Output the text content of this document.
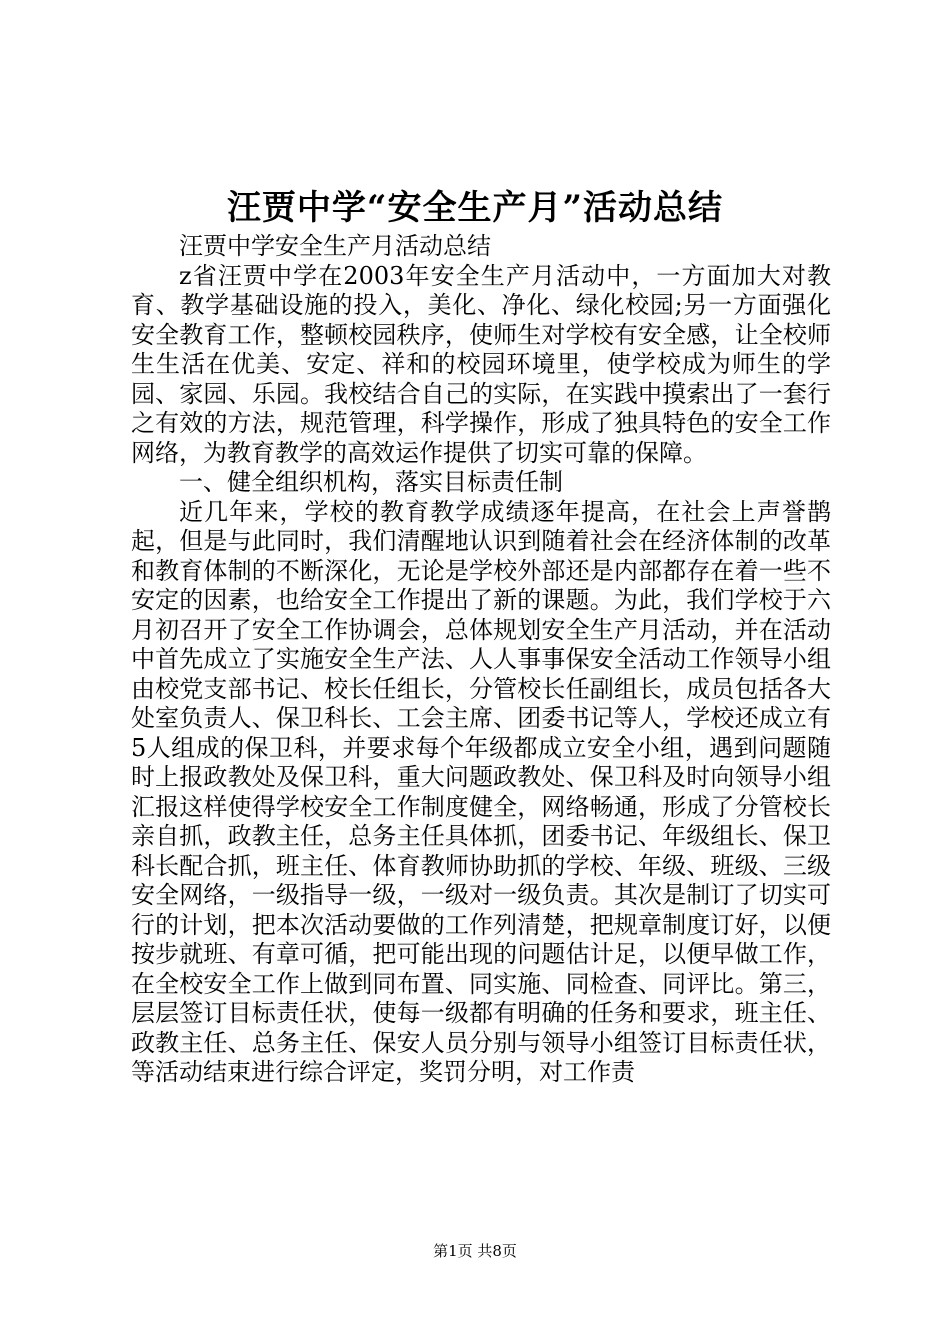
汪贾中学“安全生产月”活动总结

汪贾中学安全生产月活动总结

z省汪贾中学在2003年安全生产月活动中，一方面加大对教育、教学基础设施的投入，美化、净化、绿化校园;另一方面强化安全教育工作，整顿校园秩序，使师生对学校有安全感，让全校师生生活在优美、安定、祥和的校园环境里，使学校成为师生的学园、家园、乐园。我校结合自己的实际，在实践中摸索出了一套行之有效的方法，规范管理，科学操作，形成了独具特色的安全工作网络，为教育教学的高效运作提供了切实可靠的保障。

一、健全组织机构，落实目标责任制

近几年来，学校的教育教学成绩逐年提高，在社会上声誉鹊起，但是与此同时，我们清醒地认识到随着社会在经济体制的改革和教育体制的不断深化，无论是学校外部还是内部都存在着一些不安定的因素，也给安全工作提出了新的课题。为此，我们学校于六月初召开了安全工作协调会，总体规划安全生产月活动，并在活动中首先成立了实施安全生产法、人人事事保安全活动工作领导小组由校党支部书记、校长任组长，分管校长任副组长，成员包括各大处室负责人、保卫科长、工会主席、团委书记等人，学校还成立有5人组成的保卫科，并要求每个年级都成立安全小组，遇到问题随时上报政教处及保卫科，重大问题政教处、保卫科及时向领导小组汇报这样使得学校安全工作制度健全，网络畅通，形成了分管校长亲自抓，政教主任，总务主任具体抓，团委书记、年级组长、保卫科长配合抓，班主任、体育教师协助抓的学校、年级、班级、三级安全网络，一级指导一级，一级对一级负责。其次是制订了切实可行的计划，把本次活动要做的工作列清楚，把规章制度订好，以便按步就班、有章可循，把可能出现的问题估计足，以便早做工作，在全校安全工作上做到同布置、同实施、同检查、同评比。第三，层层签订目标责任状，使每一级都有明确的任务和要求，班主任、政教主任、总务主任、保安人员分别与领导小组签订目标责任状，等活动结束进行综合评定，奖罚分明，对工作责

第1页 共8页
